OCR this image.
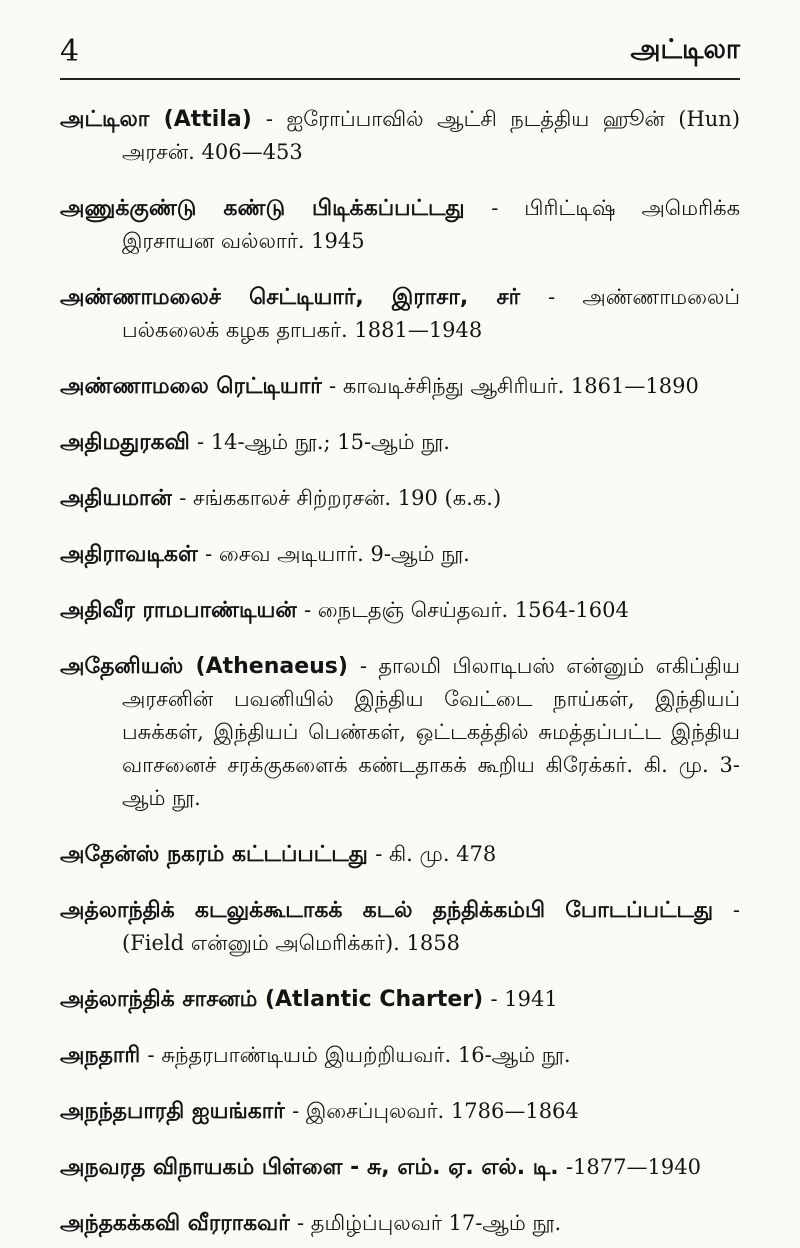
4	அட்டிலா

அட்டிலா (Attila) - ஐரோப்பாவில் ஆட்சி நடத்திய ஹூன் (Hun) அரசன். 406—453

அணுக்குண்டு கண்டு பிடிக்கப்பட்டது - பிரிட்டிஷ் அமெரிக்க இரசாயன வல்லார். 1945

அண்ணாமலைச் செட்டியார், இராசா, சர் - அண்ணாமலைப் பல்கலைக் கழக தாபகர். 1881—1948

அண்ணாமலை ரெட்டியார் - காவடிச்சிந்து ஆசிரியர். 1861—1890

அதிமதுரகவி - 14-ஆம் நூ.; 15-ஆம் நூ.

அதியமான் - சங்ககாலச் சிற்றரசன். 190 (க.க.)

அதிராவடிகள் - சைவ அடியார். 9-ஆம் நூ.

அதிவீர ராமபாண்டியன் - நைடதஞ் செய்தவர். 1564-1604

அதேனியஸ் (Athenaeus) - தாலமி பிலாடிபஸ் என்னும் எகிப்திய அரசனின் பவனியில் இந்திய வேட்டை நாய்கள், இந்தியப் பசுக்கள், இந்தியப் பெண்கள், ஒட்டகத்தில் சுமத்தப்பட்ட இந்திய வாசனைச் சரக்குகளைக் கண்டதாகக் கூறிய கிரேக்கர். கி. மு. 3-ஆம் நூ.

அதேன்ஸ் நகரம் கட்டப்பட்டது - கி. மு. 478

அத்லாந்திக் கடலுக்கூடாகக் கடல் தந்திக்கம்பி போடப்பட்டது - (Field என்னும் அமெரிக்கர்). 1858

அத்லாந்திக் சாசனம் (Atlantic Charter) - 1941

அநதாரி - சுந்தரபாண்டியம் இயற்றியவர். 16-ஆம் நூ.

அநந்தபாரதி ஐயங்கார் - இசைப்புலவர். 1786—1864

அநவரத விநாயகம் பிள்ளை - சு, எம். ஏ. எல். டி. -1877—1940

அந்தகக்கவி வீரராகவர் - தமிழ்ப்புலவர் 17-ஆம் நூ.
